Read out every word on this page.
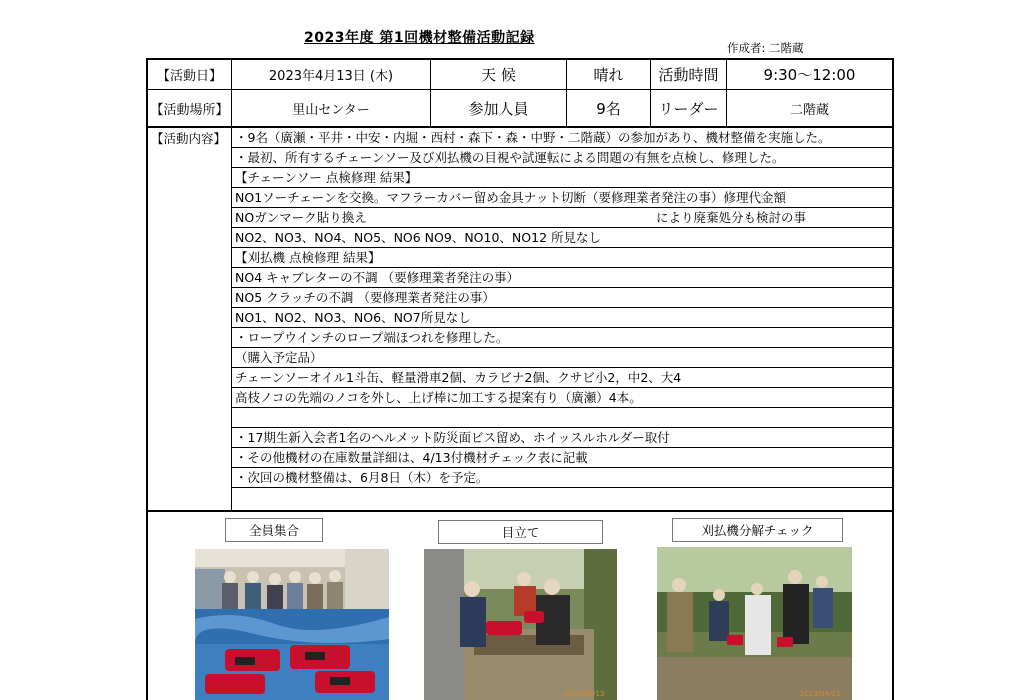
2023年度 第1回機材整備活動記録
作成者: 二階蔵
【活動日】	2023年4月13日 (木)	天 候	晴れ	活動時間	9:30～12:00
【活動場所】	里山センター	参加人員	9名	リーダー	二階蔵
【活動内容】 ・9名（廣瀬・平井・中安・内堀・西村・森下・森・中野・二階蔵）の参加があり、機材整備を実施した。
・最初、所有するチェーンソー及び刈払機の目視や試運転による問題の有無を点検し、修理した。
【チェーンソー 点検修理 結果】
NO1ソーチェーンを交換。マフラーカバー留め金具ナット切断（要修理業者発注の事）修理代金額
NOガンマーク貼り換え	により廃棄処分も検討の事
NO2、NO3、NO4、NO5、NO6 NO9、NO10、NO12 所見なし
【刈払機 点検修理 結果】
NO4 キャブレターの不調 （要修理業者発注の事）
NO5 クラッチの不調 （要修理業者発注の事）
NO1、NO2、NO3、NO6、NO7所見なし
・ロープウインチのロープ端ほつれを修理した。
（購入予定品）
チェーンソーオイル1斗缶、軽量滑車2個、カラビナ2個、クサビ小2，中2、大4
高枝ノコの先端のノコを外し、上げ棒に加工する提案有り（廣瀬）4本。
・17期生新入会者1名のヘルメット防災面ビス留め、ホイッスルホルダー取付
・その他機材の在庫数量詳細は、4/13付機材チェック表に記載
・次回の機材整備は、6月8日（木）を予定。
全員集合	目立て	刈払機分解チェック
2023/04/13	2023/04/13
